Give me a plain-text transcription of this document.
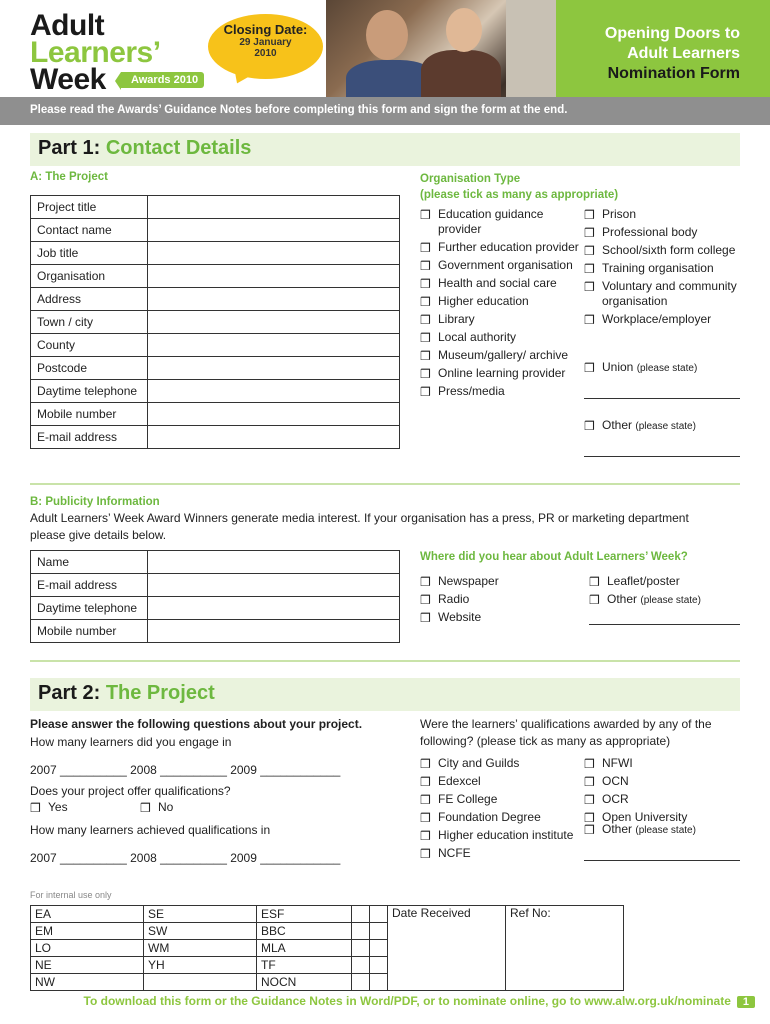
Adult
Learners’
Week	Awards 2010
Closing Date:
29 January
2010
Opening Doors to
Adult Learners
Nomination Form
Please read the Awards’ Guidance Notes before completing this form and sign the form at the end.
Part 1: Contact Details
A: The Project
Project title	
Contact name	
Job title	
Organisation	
Address	
Town / city	
County	
Postcode	
Daytime telephone	
Mobile number	
E-mail address	
Organisation Type
(please tick as many as appropriate)
❒ Education guidance provider
❒ Further education provider
❒ Government organisation
❒ Health and social care
❒ Higher education
❒ Library
❒ Local authority
❒ Museum/gallery/ archive
❒ Online learning provider
❒ Press/media
❒ Prison
❒ Professional body
❒ School/sixth form college
❒ Training organisation
❒ Voluntary and community organisation
❒ Workplace/employer
❒ Union (please state)
❒ Other (please state)
B: Publicity Information
Adult Learners’ Week Award Winners generate media interest. If your organisation has a press, PR or marketing department please give details below.
Name	
E-mail address	
Daytime telephone	
Mobile number	
Where did you hear about Adult Learners’ Week?
❒ Newspaper
❒ Radio
❒ Website
❒ Leaflet/poster
❒ Other (please state)
Part 2: The Project
Please answer the following questions about your project.
How many learners did you engage in
2007 __________ 2008 __________ 2009 ____________
Does your project offer qualifications?
❒ Yes	❒ No
How many learners achieved qualifications in
2007 __________ 2008 __________ 2009 ____________
Were the learners’ qualifications awarded by any of the following? (please tick as many as appropriate)
❒ City and Guilds
❒ Edexcel
❒ FE College
❒ Foundation Degree
❒ Higher education institute
❒ NCFE
❒ NFWI
❒ OCN
❒ OCR
❒ Open University
❒ Other (please state)
For internal use only
EA	SE	ESF			Date Received	Ref No:
EM	SW	BBC				
LO	WM	MLA				
NE	YH	TF				
NW		NOCN				
To download this form or the Guidance Notes in Word/PDF, or to nominate online, go to www.alw.org.uk/nominate 1
